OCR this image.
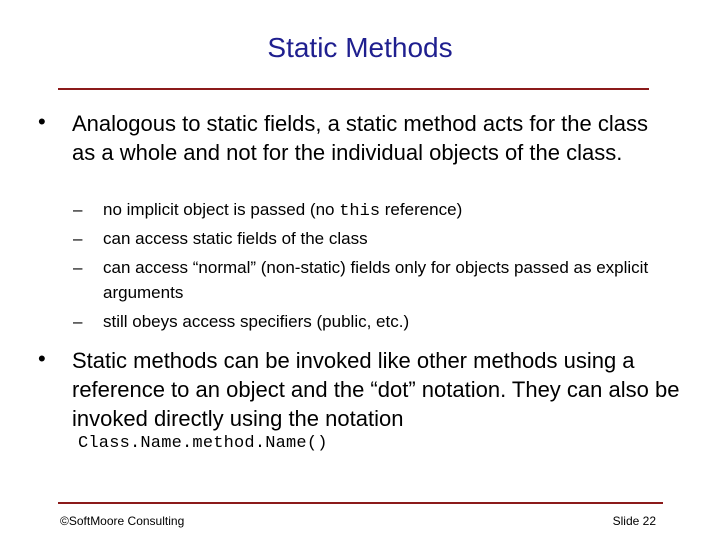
Static Methods
• Analogous to static fields, a static method acts for the class as a whole and not for the individual objects of the class.
– no implicit object is passed (no this reference)
– can access static fields of the class
– can access “normal” (non-static) fields only for objects passed as explicit arguments
– still obeys access specifiers (public, etc.)
• Static methods can be invoked like other methods using a reference to an object and the “dot” notation. They can also be invoked directly using the notation
Class.Name.method.Name()
©SoftMoore Consulting	Slide 22
